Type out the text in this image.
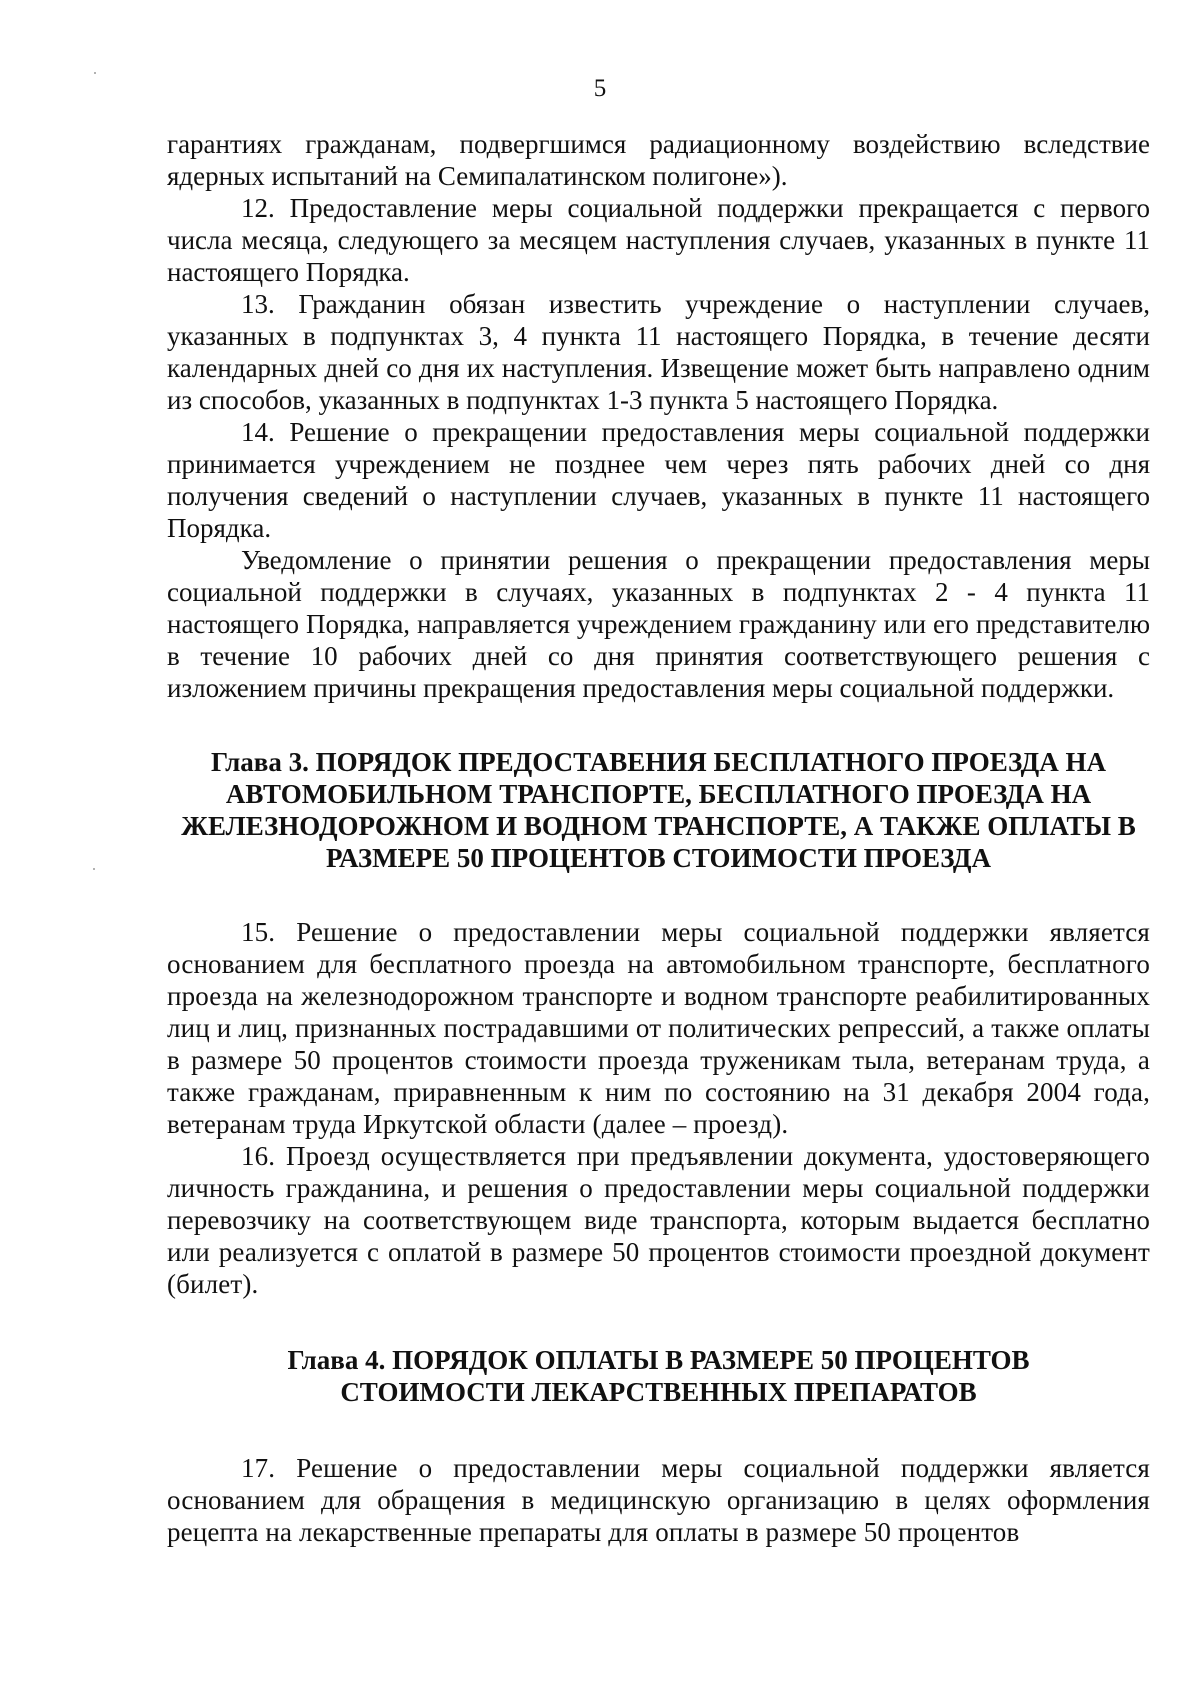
5

гарантиях гражданам, подвергшимся радиационному воздействию вследствие ядерных испытаний на Семипалатинском полигоне»).

12. Предоставление меры социальной поддержки прекращается с первого числа месяца, следующего за месяцем наступления случаев, указанных в пункте 11 настоящего Порядка.

13. Гражданин обязан известить учреждение о наступлении случаев, указанных в подпунктах 3, 4 пункта 11 настоящего Порядка, в течение десяти календарных дней со дня их наступления. Извещение может быть направлено одним из способов, указанных в подпунктах 1-3 пункта 5 настоящего Порядка.

14. Решение о прекращении предоставления меры социальной поддержки принимается учреждением не позднее чем через пять рабочих дней со дня получения сведений о наступлении случаев, указанных в пункте 11 настоящего Порядка.

Уведомление о принятии решения о прекращении предоставления меры социальной поддержки в случаях, указанных в подпунктах 2 - 4 пункта 11 настоящего Порядка, направляется учреждением гражданину или его представителю в течение 10 рабочих дней со дня принятия соответствующего решения с изложением причины прекращения предоставления меры социальной поддержки.

Глава 3. ПОРЯДОК ПРЕДОСТАВЕНИЯ БЕСПЛАТНОГО ПРОЕЗДА НА АВТОМОБИЛЬНОМ ТРАНСПОРТЕ, БЕСПЛАТНОГО ПРОЕЗДА НА ЖЕЛЕЗНОДОРОЖНОМ И ВОДНОМ ТРАНСПОРТЕ, А ТАКЖЕ ОПЛАТЫ В РАЗМЕРЕ 50 ПРОЦЕНТОВ СТОИМОСТИ ПРОЕЗДА

15. Решение о предоставлении меры социальной поддержки является основанием для бесплатного проезда на автомобильном транспорте, бесплатного проезда на железнодорожном транспорте и водном транспорте реабилитированных лиц и лиц, признанных пострадавшими от политических репрессий, а также оплаты в размере 50 процентов стоимости проезда труженикам тыла, ветеранам труда, а также гражданам, приравненным к ним по состоянию на 31 декабря 2004 года, ветеранам труда Иркутской области (далее – проезд).

16. Проезд осуществляется при предъявлении документа, удостоверяющего личность гражданина, и решения о предоставлении меры социальной поддержки перевозчику на соответствующем виде транспорта, которым выдается бесплатно или реализуется с оплатой в размере 50 процентов стоимости проездной документ (билет).

Глава 4. ПОРЯДОК ОПЛАТЫ В РАЗМЕРЕ 50 ПРОЦЕНТОВ СТОИМОСТИ ЛЕКАРСТВЕННЫХ ПРЕПАРАТОВ

17. Решение о предоставлении меры социальной поддержки является основанием для обращения в медицинскую организацию в целях оформления рецепта на лекарственные препараты для оплаты в размере 50 процентов
